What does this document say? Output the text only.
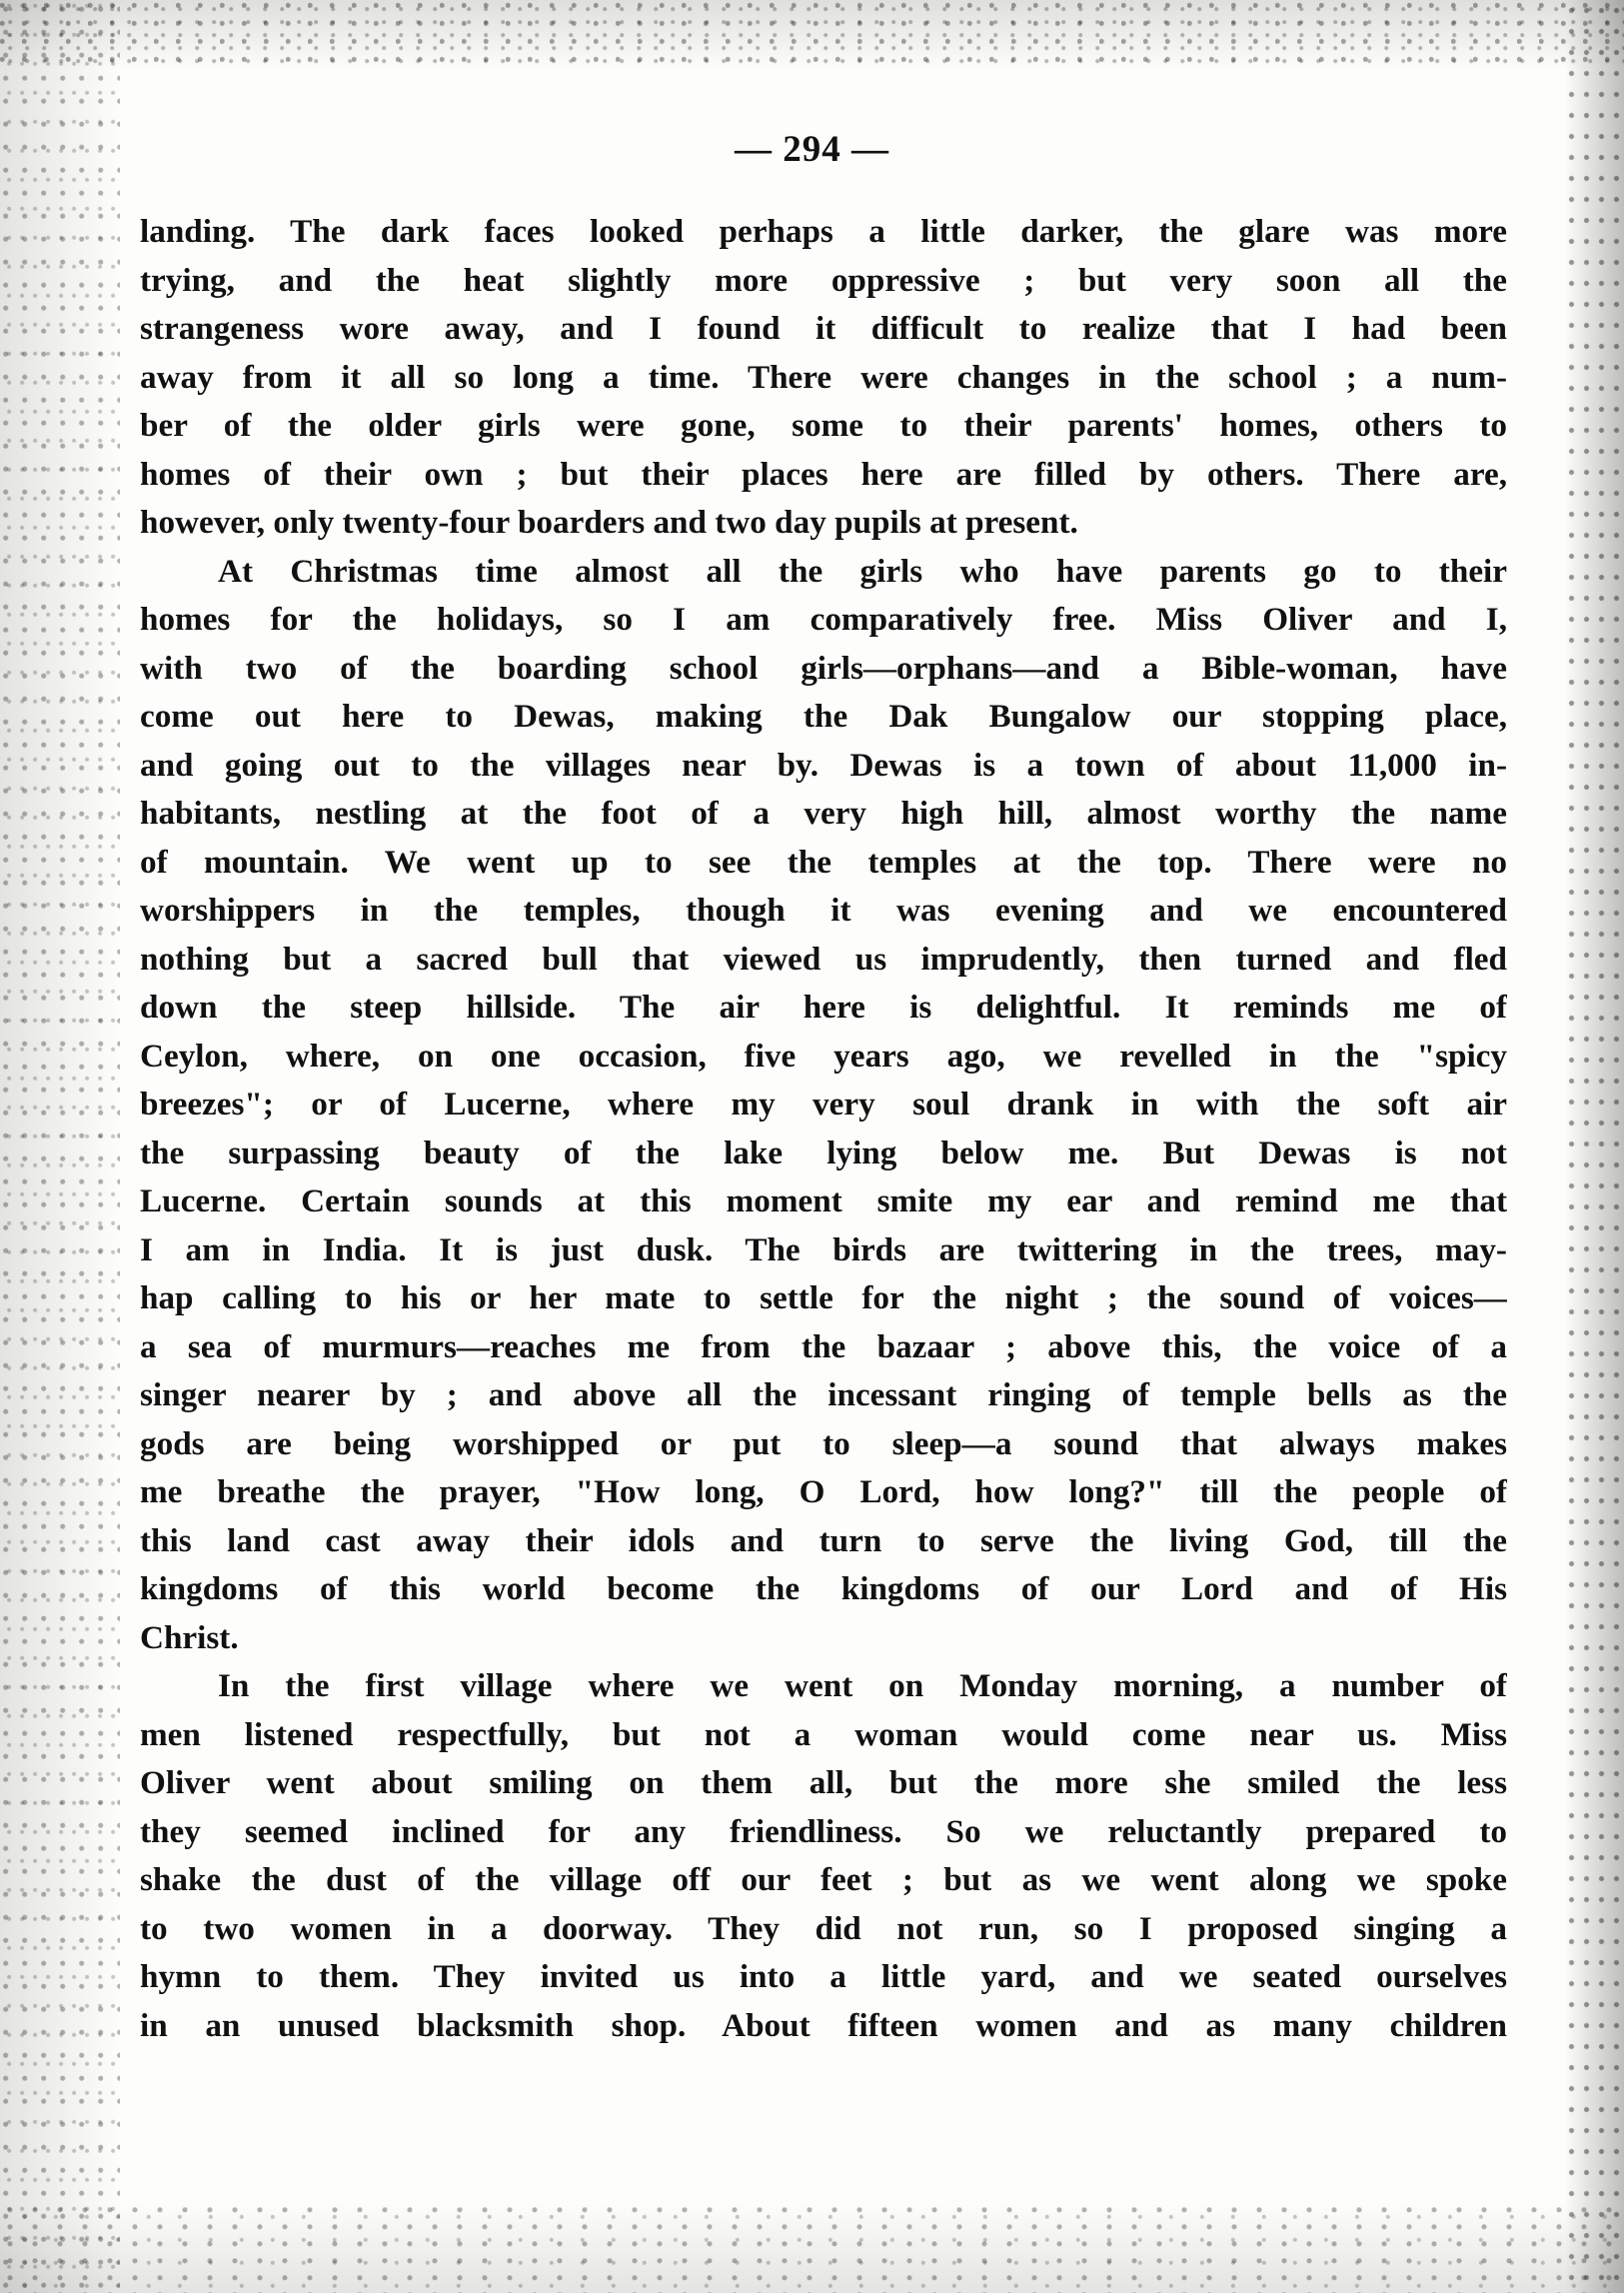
— 294 —
landing. The dark faces looked perhaps a little darker, the glare was more
trying, and the heat slightly more oppressive ; but very soon all the
strangeness wore away, and I found it difficult to realize that I had been
away from it all so long a time. There were changes in the school ; a num-
ber of the older girls were gone, some to their parents' homes, others to
homes of their own ; but their places here are filled by others. There are,
however, only twenty-four boarders and two day pupils at present.
At Christmas time almost all the girls who have parents go to their
homes for the holidays, so I am comparatively free. Miss Oliver and I,
with two of the boarding school girls—orphans—and a Bible-woman, have
come out here to Dewas, making the Dak Bungalow our stopping place,
and going out to the villages near by. Dewas is a town of about 11,000 in-
habitants, nestling at the foot of a very high hill, almost worthy the name
of mountain. We went up to see the temples at the top. There were no
worshippers in the temples, though it was evening and we encountered
nothing but a sacred bull that viewed us imprudently, then turned and fled
down the steep hillside. The air here is delightful. It reminds me of
Ceylon, where, on one occasion, five years ago, we revelled in the "spicy
breezes"; or of Lucerne, where my very soul drank in with the soft air
the surpassing beauty of the lake lying below me. But Dewas is not
Lucerne. Certain sounds at this moment smite my ear and remind me that
I am in India. It is just dusk. The birds are twittering in the trees, may-
hap calling to his or her mate to settle for the night ; the sound of voices—
a sea of murmurs—reaches me from the bazaar ; above this, the voice of a
singer nearer by ; and above all the incessant ringing of temple bells as the
gods are being worshipped or put to sleep—a sound that always makes
me breathe the prayer, "How long, O Lord, how long?" till the people of
this land cast away their idols and turn to serve the living God, till the
kingdoms of this world become the kingdoms of our Lord and of His
Christ.
In the first village where we went on Monday morning, a number of
men listened respectfully, but not a woman would come near us. Miss
Oliver went about smiling on them all, but the more she smiled the less
they seemed inclined for any friendliness. So we reluctantly prepared to
shake the dust of the village off our feet ; but as we went along we spoke
to two women in a doorway. They did not run, so I proposed singing a
hymn to them. They invited us into a little yard, and we seated ourselves
in an unused blacksmith shop. About fifteen women and as many children
